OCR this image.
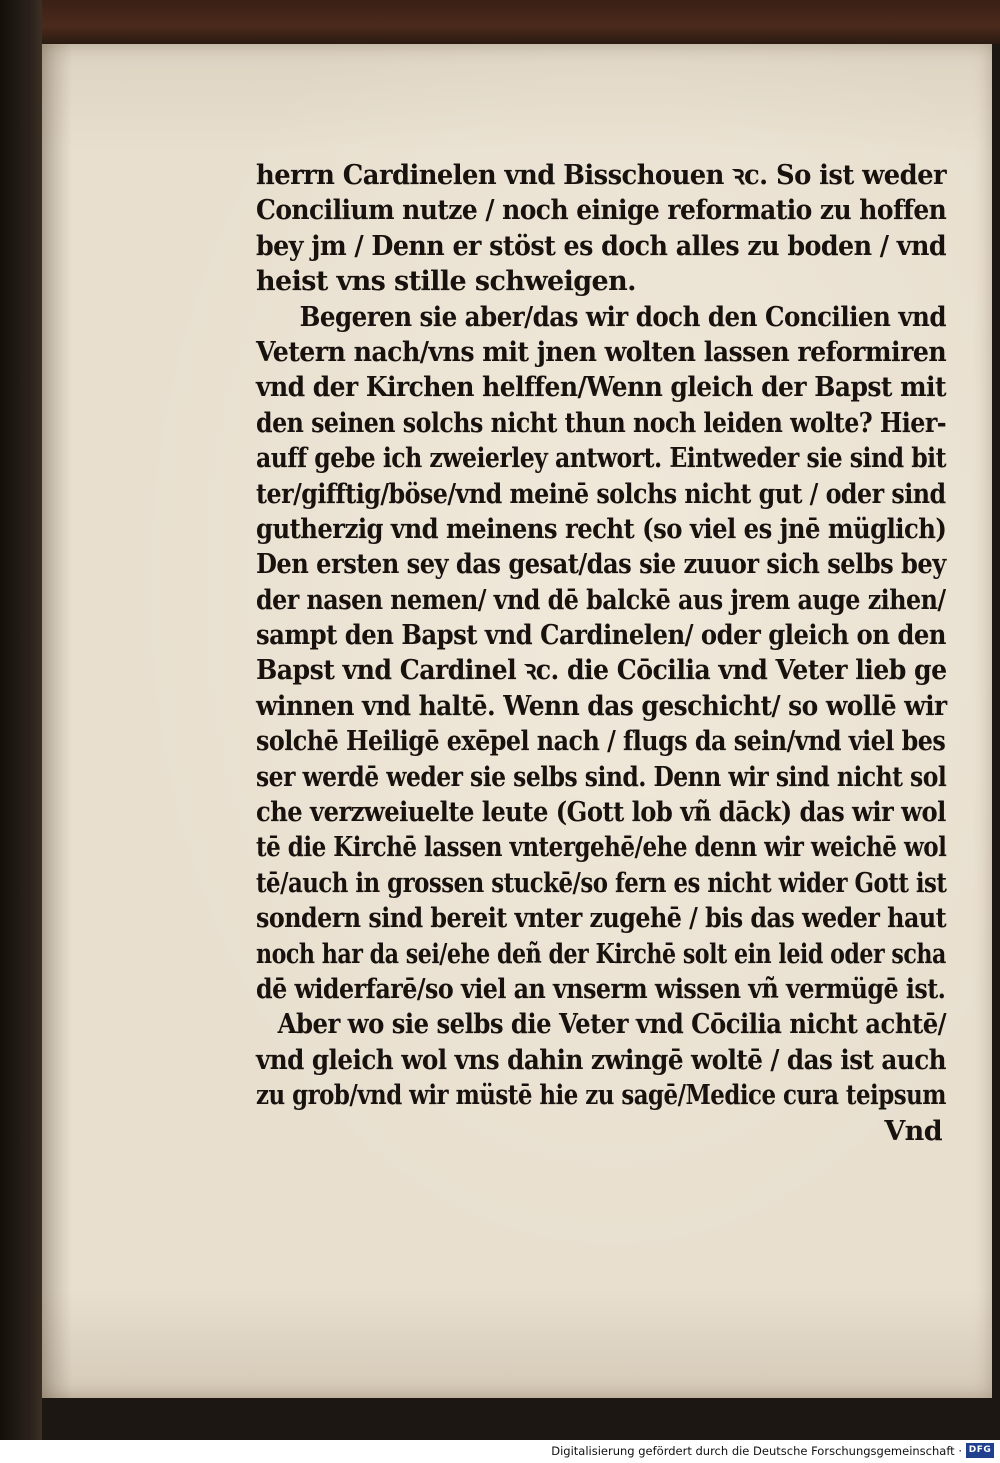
herrn Cardinelen vnd Bisschouen ꝛc. So ist weder
Concilium nutze / noch einige reformatio zu hoffen
bey jm / Denn er stöst es doch alles zu boden / vnd
heist vns stille schweigen.
Begeren sie aber/das wir doch den Concilien vnd
Vetern nach/vns mit jnen wolten lassen reformiren
vnd der Kirchen helffen/Wenn gleich der Bapst mit
den seinen solchs nicht thun noch leiden wolte? Hier-
auff gebe ich zweierley antwort. Eintweder sie sind bit
ter/gifftig/böse/vnd meinē solchs nicht gut / oder sind
gutherzig vnd meinens recht (so viel es jnē müglich)
Den ersten sey das gesat/das sie zuuor sich selbs bey
der nasen nemen/ vnd dē balckē aus jrem auge zihen/
sampt den Bapst vnd Cardinelen/ oder gleich on den
Bapst vnd Cardinel ꝛc. die Cōcilia vnd Veter lieb ge
winnen vnd haltē. Wenn das geschicht/ so wollē wir
solchē Heiligē exēpel nach / flugs da sein/vnd viel bes
ser werdē weder sie selbs sind. Denn wir sind nicht sol
che verzweiuelte leute (Gott lob vñ dāck) das wir wol
tē die Kirchē lassen vntergehē/ehe denn wir weichē wol
tē/auch in grossen stuckē/so fern es nicht wider Gott ist
sondern sind bereit vnter zugehē / bis das weder haut
noch har da sei/ehe deñ der Kirchē solt ein leid oder scha
dē widerfarē/so viel an vnserm wissen vñ vermügē ist.
Aber wo sie selbs die Veter vnd Cōcilia nicht achtē/
vnd gleich wol vns dahin zwingē woltē / das ist auch
zu grob/vnd wir müstē hie zu sagē/Medice cura teipsum
Vnd
Digitalisierung gefördert durch die Deutsche Forschungsgemeinschaft · DFG
